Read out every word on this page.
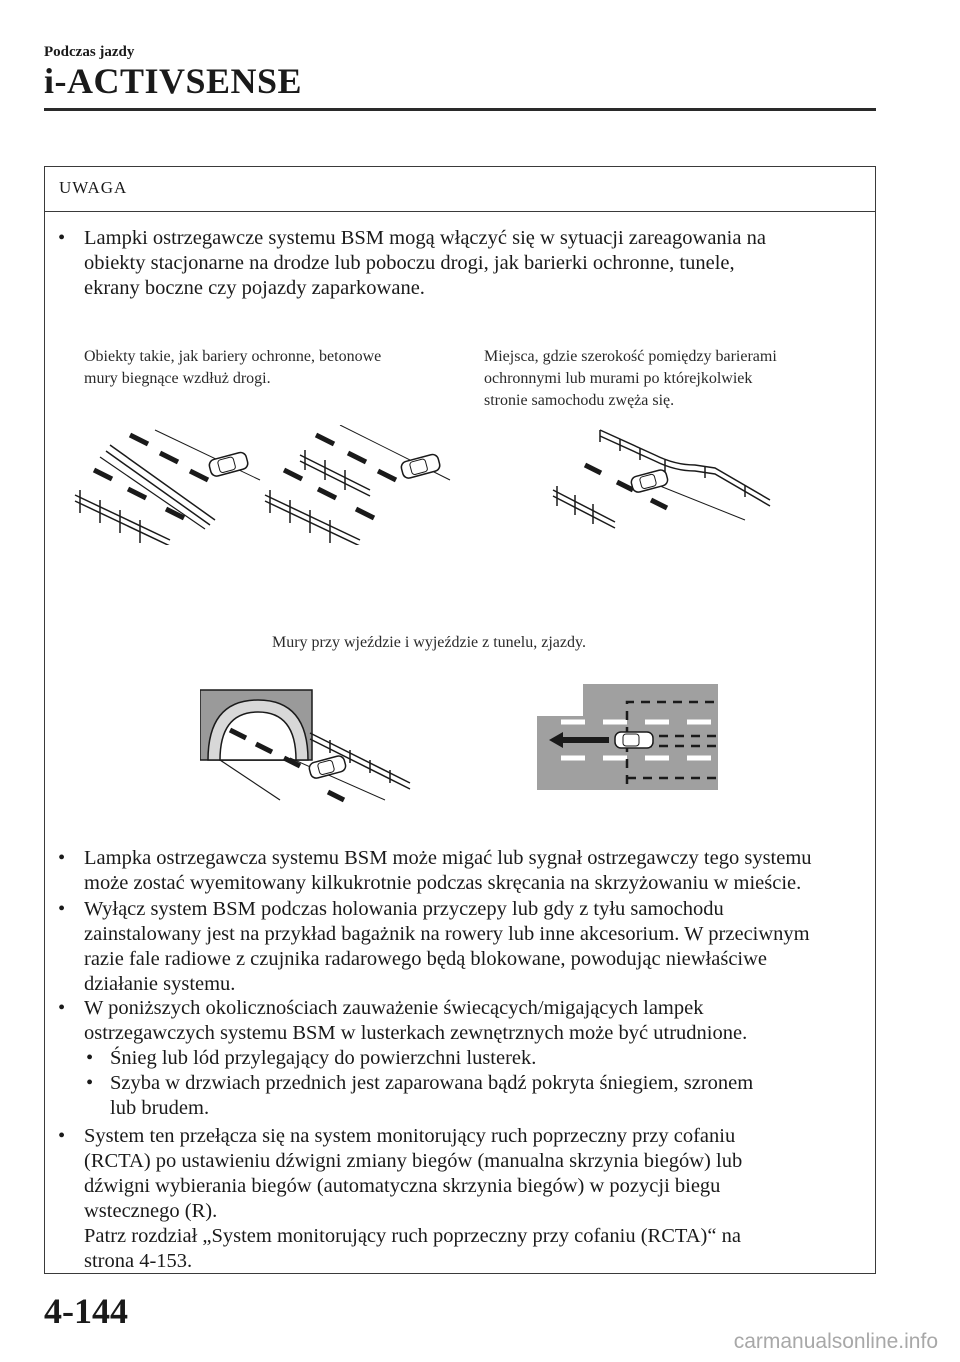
Podczas jazdy
i-ACTIVSENSE
UWAGA
• Lampki ostrzegawcze systemu BSM mogą włączyć się w sytuacji zareagowania na
obiekty stacjonarne na drodze lub poboczu drogi, jak barierki ochronne, tunele,
ekrany boczne czy pojazdy zaparkowane.
Obiekty takie, jak bariery ochronne, betonowe
mury biegnące wzdłuż drogi.
Miejsca, gdzie szerokość pomiędzy barierami
ochronnymi lub murami po którejkolwiek
stronie samochodu zwęża się.
Mury przy wjeździe i wyjeździe z tunelu, zjazdy.
• Lampka ostrzegawcza systemu BSM może migać lub sygnał ostrzegawczy tego systemu
może zostać wyemitowany kilkukrotnie podczas skręcania na skrzyżowaniu w mieście.
• Wyłącz system BSM podczas holowania przyczepy lub gdy z tyłu samochodu
zainstalowany jest na przykład bagażnik na rowery lub inne akcesorium. W przeciwnym
razie fale radiowe z czujnika radarowego będą blokowane, powodując niewłaściwe
działanie systemu.
• W poniższych okolicznościach zauważenie świecących/migających lampek
ostrzegawczych systemu BSM w lusterkach zewnętrznych może być utrudnione.
• Śnieg lub lód przylegający do powierzchni lusterek.
• Szyba w drzwiach przednich jest zaparowana bądź pokryta śniegiem, szronem
lub brudem.
• System ten przełącza się na system monitorujący ruch poprzeczny przy cofaniu
(RCTA) po ustawieniu dźwigni zmiany biegów (manualna skrzynia biegów) lub
dźwigni wybierania biegów (automatyczna skrzynia biegów) w pozycji biegu
wstecznego (R).
Patrz rozdział „System monitorujący ruch poprzeczny przy cofaniu (RCTA)“ na
strona 4-153.
4-144
carmanualsonline.info
